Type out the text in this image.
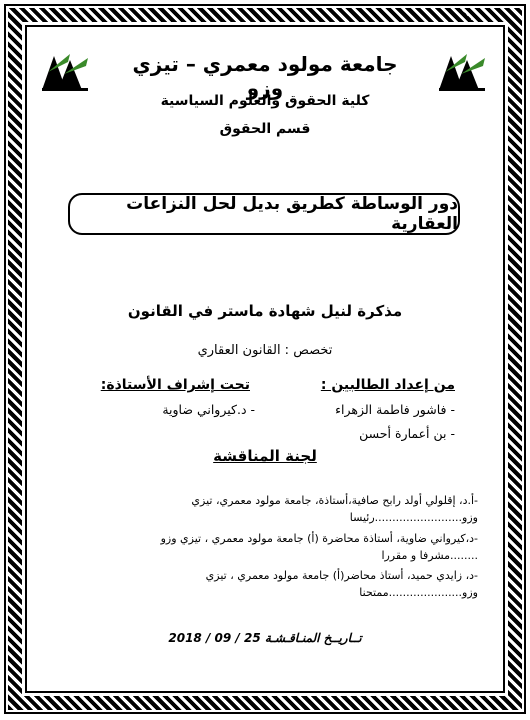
جامعة مولود معمري – تيزي وزو
كلية الحقوق والعلوم السياسية
قسم الحقوق
دور الوساطة كطريق بديل لحل النزاعات العقارية
مذكرة لنيل شهادة ماستر في القانون
تخصص : القانون العقاري
من إعداد الطالبين :
- فاشور فاطمة الزهراء
- بن أعمارة أحسن
تحت إشراف الأستاذة:
- د.كيرواني ضاوية
لجنة المناقشة
-أ.د، إقلولي أولد رابح صافية،أستاذة، جامعة مولود معمري، تيزي
وزو.........................رئيسا
-د،كيرواني ضاوية، أستاذة محاضرة (أ) جامعة مولود معمري ، تيزي وزو
........مشرفا و مقررا
-د، زايدي حميد، أستاذ محاضر(أ) جامعة مولود معمري ، تيزي
وزو.....................ممتحنا
تــاريــخ المنـاقـشـة 25 / 09 / 2018
